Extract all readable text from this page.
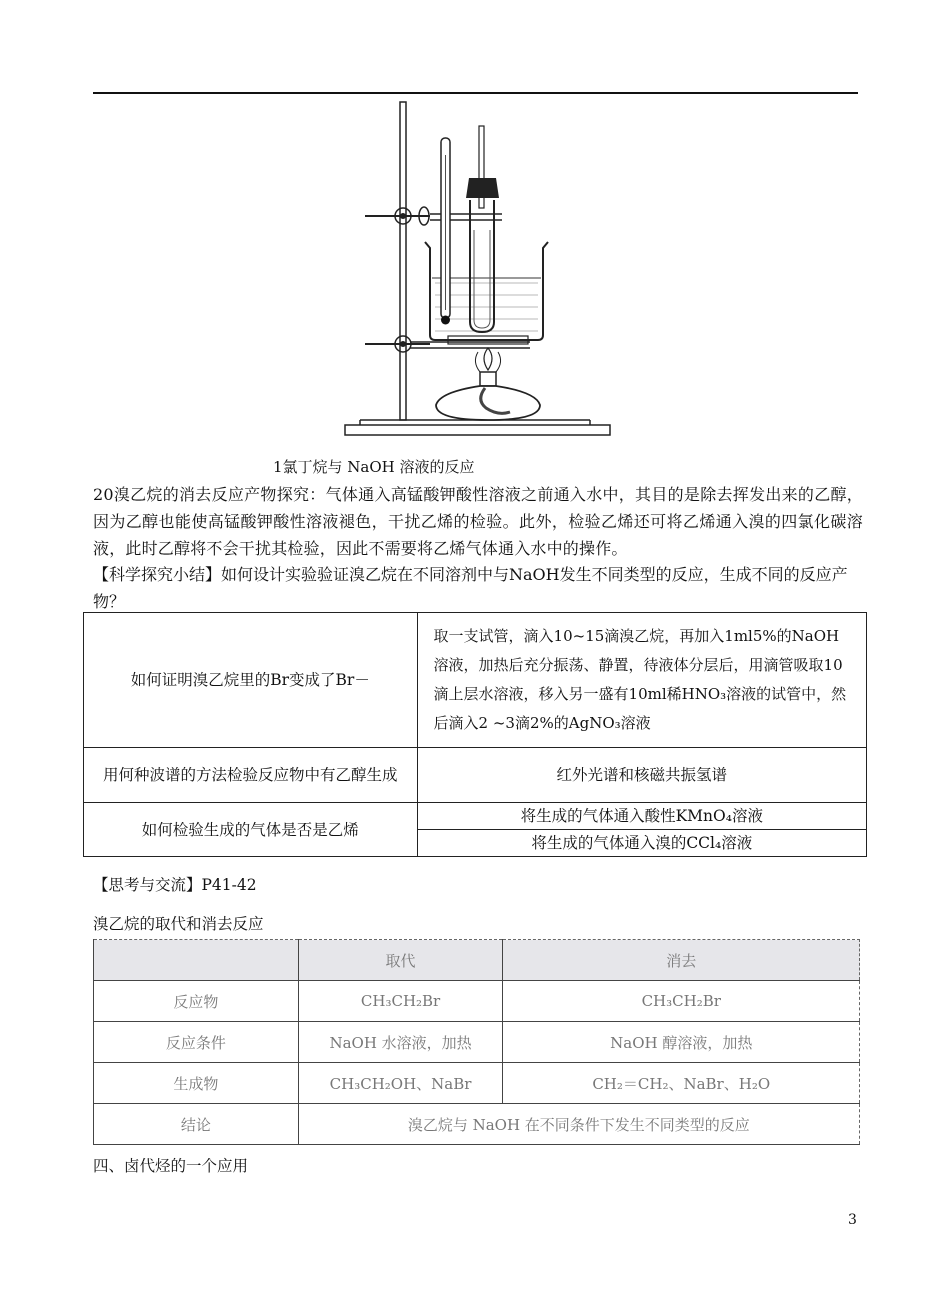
1氯丁烷与 NaOH 溶液的反应

20溴乙烷的消去反应产物探究：气体通入高锰酸钾酸性溶液之前通入水中，其目的是除去挥发出来的乙醇，因为乙醇也能使高锰酸钾酸性溶液褪色，干扰乙烯的检验。此外，检验乙烯还可将乙烯通入溴的四氯化碳溶液，此时乙醇将不会干扰其检验，因此不需要将乙烯气体通入水中的操作。

【科学探究小结】如何设计实验验证溴乙烷在不同溶剂中与NaOH发生不同类型的反应，生成不同的反应产物？
如何证明溴乙烷里的Br变成了Br－	取一支试管，滴入10~15滴溴乙烷，再加入1ml5%的NaOH溶液，加热后充分振荡、静置，待液体分层后，用滴管吸取10滴上层水溶液，移入另一盛有10ml稀HNO₃溶液的试管中，然后滴入2 ~3滴2%的AgNO₃溶液
用何种波谱的方法检验反应物中有乙醇生成	红外光谱和核磁共振氢谱
如何检验生成的气体是否是乙烯	将生成的气体通入酸性KMnO₄溶液
	将生成的气体通入溴的CCl₄溶液
【思考与交流】P41-42
溴乙烷的取代和消去反应
	取代	消去
反应物	CH₃CH₂Br	CH₃CH₂Br
反应条件	NaOH 水溶液，加热	NaOH 醇溶液，加热
生成物	CH₃CH₂OH、NaBr	CH₂＝CH₂、NaBr、H₂O
结论	溴乙烷与 NaOH 在不同条件下发生不同类型的反应	
四、卤代烃的一个应用
3
